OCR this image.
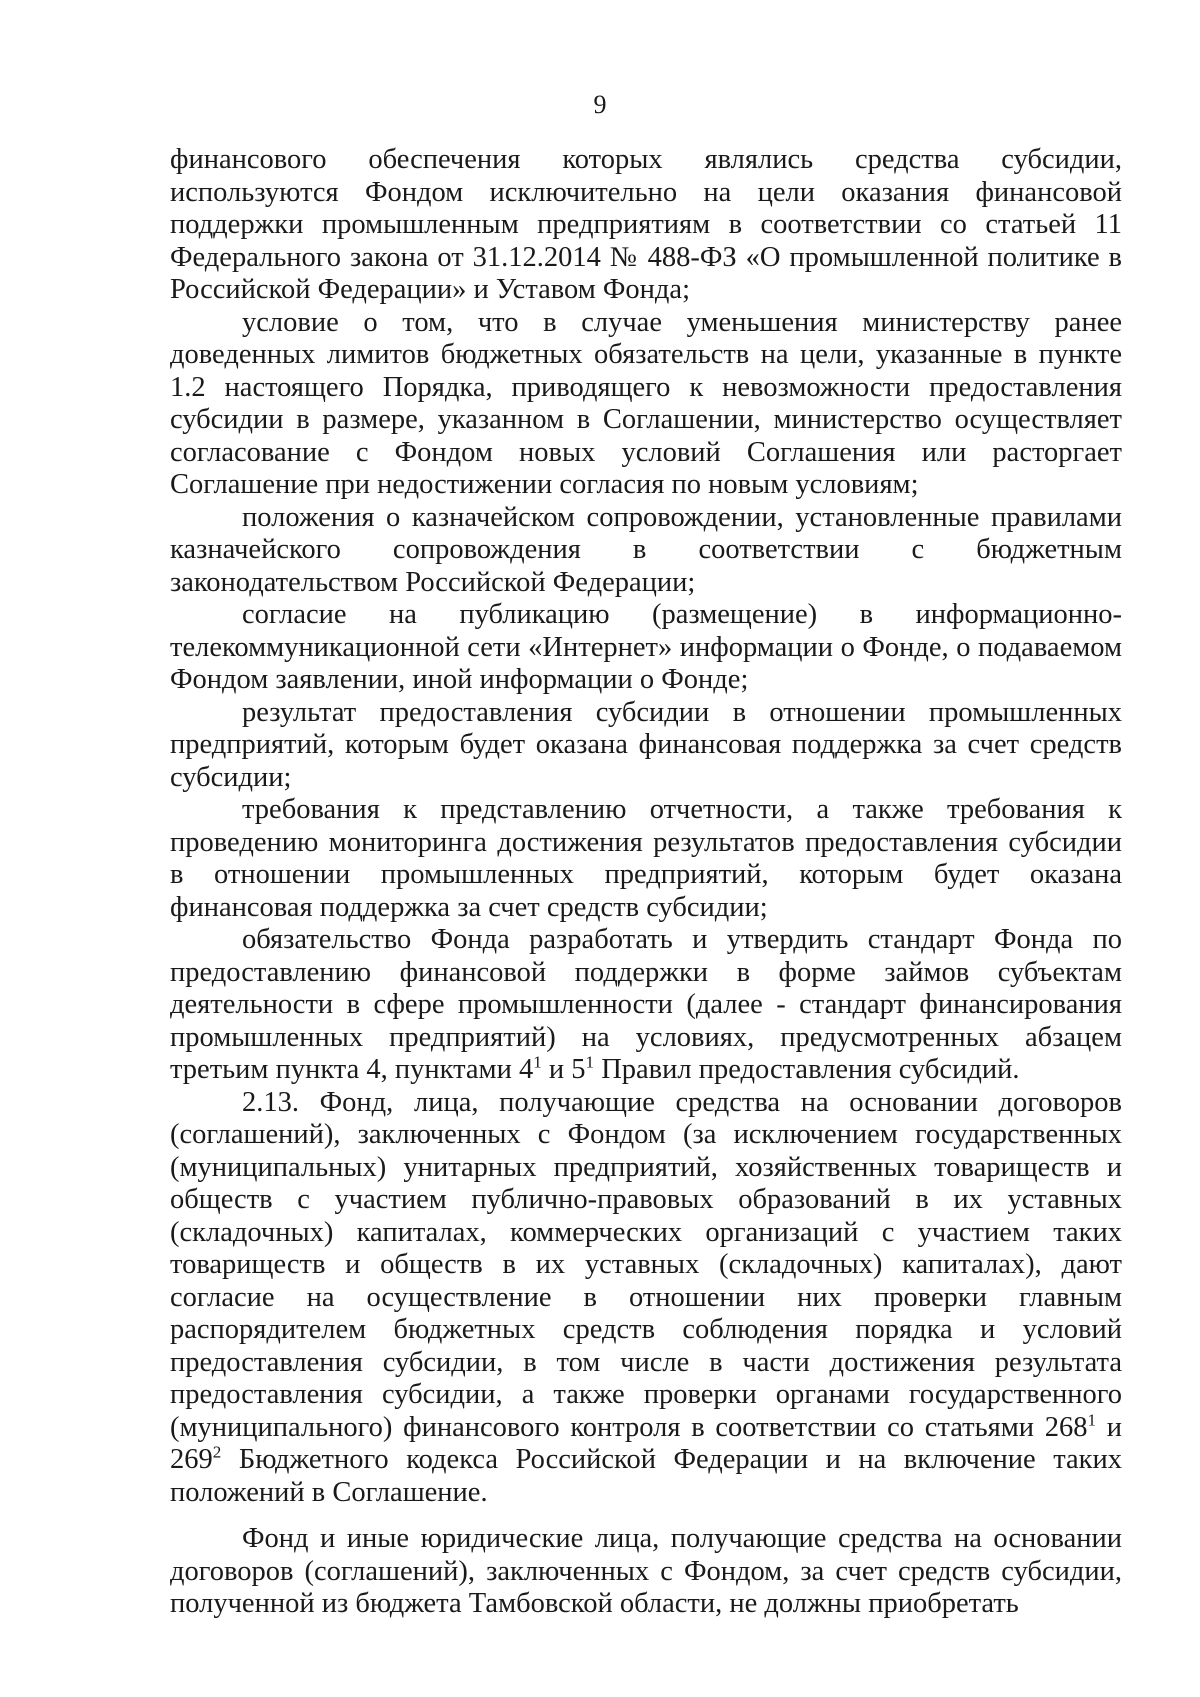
9

финансового обеспечения которых являлись средства субсидии, используются Фондом исключительно на цели оказания финансовой поддержки промышленным предприятиям в соответствии со статьей 11 Федерального закона от 31.12.2014 № 488-ФЗ «О промышленной политике в Российской Федерации» и Уставом Фонда;

условие о том, что в случае уменьшения министерству ранее доведенных лимитов бюджетных обязательств на цели, указанные в пункте 1.2 настоящего Порядка, приводящего к невозможности предоставления субсидии в размере, указанном в Соглашении, министерство осуществляет согласование с Фондом новых условий Соглашения или расторгает Соглашение при недостижении согласия по новым условиям;

положения о казначейском сопровождении, установленные правилами казначейского сопровождения в соответствии с бюджетным законодательством Российской Федерации;

согласие на публикацию (размещение) в информационно-телекоммуникационной сети «Интернет» информации о Фонде, о подаваемом Фондом заявлении, иной информации о Фонде;

результат предоставления субсидии в отношении промышленных предприятий, которым будет оказана финансовая поддержка за счет средств субсидии;

требования к представлению отчетности, а также требования к проведению мониторинга достижения результатов предоставления субсидии в отношении промышленных предприятий, которым будет оказана финансовая поддержка за счет средств субсидии;

обязательство Фонда разработать и утвердить стандарт Фонда по предоставлению финансовой поддержки в форме займов субъектам деятельности в сфере промышленности (далее - стандарт финансирования промышленных предприятий) на условиях, предусмотренных абзацем третьим пункта 4, пунктами $4^1$ и $5^1$ Правил предоставления субсидий.

2.13. Фонд, лица, получающие средства на основании договоров (соглашений), заключенных с Фондом (за исключением государственных (муниципальных) унитарных предприятий, хозяйственных товариществ и обществ с участием публично-правовых образований в их уставных (складочных) капиталах, коммерческих организаций с участием таких товариществ и обществ в их уставных (складочных) капиталах), дают согласие на осуществление в отношении них проверки главным распорядителем бюджетных средств соблюдения порядка и условий предоставления субсидии, в том числе в части достижения результата предоставления субсидии, а также проверки органами государственного (муниципального) финансового контроля в соответствии со статьями $268^1$ и $269^2$ Бюджетного кодекса Российской Федерации и на включение таких положений в Соглашение.

Фонд и иные юридические лица, получающие средства на основании договоров (соглашений), заключенных с Фондом, за счет средств субсидии, полученной из бюджета Тамбовской области, не должны приобретать
